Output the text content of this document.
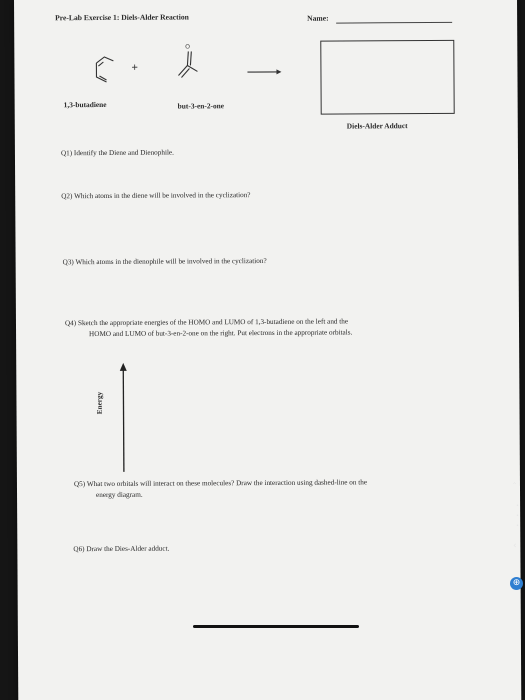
Pre-Lab Exercise 1: Diels-Alder Reaction	Name:
+
O
1,3-butadiene	but-3-en-2-one
Diels-Alder Adduct
Q1) Identify the Diene and Dienophile.
Q2) Which atoms in the diene will be involved in the cyclization?
Q3) Which atoms in the dienophile will be involved in the cyclization?
Q4) Sketch the appropriate energies of the HOMO and LUMO of 1,3-butadiene on the left and the
HOMO and LUMO of but-3-en-2-one on the right. Put electrons in the appropriate orbitals.
Energy
Q5) What two orbitals will interact on these molecules? Draw the interaction using dashed-line on the
energy diagram.
Q6) Draw the Dies-Alder adduct.
‸
•
•
•
‹
⊕
